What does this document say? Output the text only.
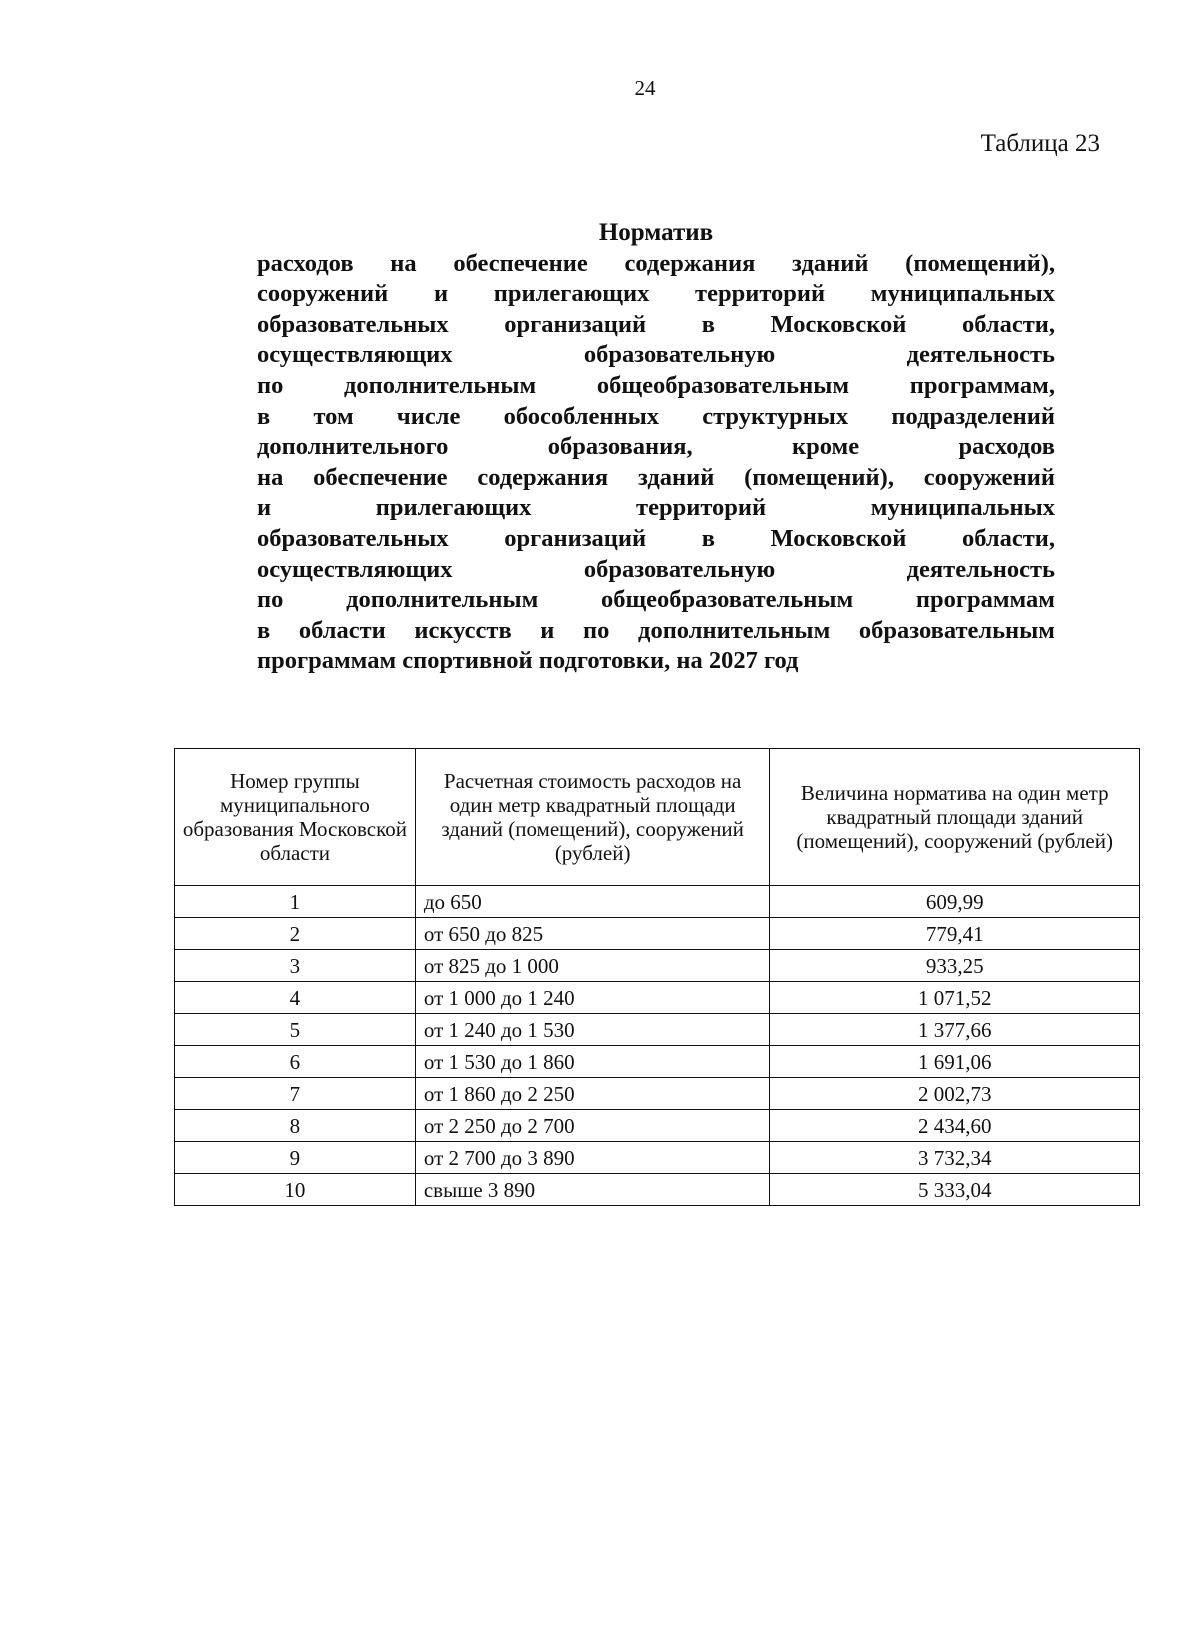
24
Таблица 23
Норматив
расходов на обеспечение содержания зданий (помещений),
сооружений и прилегающих территорий муниципальных
образовательных организаций в Московской области,
осуществляющих образовательную деятельность
по дополнительным общеобразовательным программам,
в том числе обособленных структурных подразделений
дополнительного образования, кроме расходов
на обеспечение содержания зданий (помещений), сооружений
и прилегающих территорий муниципальных
образовательных организаций в Московской области,
осуществляющих образовательную деятельность
по дополнительным общеобразовательным программам
в области искусств и по дополнительным образовательным
программам спортивной подготовки, на 2027 год
Номер группы муниципального образования Московской области	Расчетная стоимость расходов на один метр квадратный площади зданий (помещений), сооружений (рублей)	Величина норматива на один метр квадратный площади зданий (помещений), сооружений (рублей)
1	до 650	609,99
2	от 650 до 825	779,41
3	от 825 до 1 000	933,25
4	от 1 000 до 1 240	1 071,52
5	от 1 240 до 1 530	1 377,66
6	от 1 530 до 1 860	1 691,06
7	от 1 860 до 2 250	2 002,73
8	от 2 250 до 2 700	2 434,60
9	от 2 700 до 3 890	3 732,34
10	свыше 3 890	5 333,04
